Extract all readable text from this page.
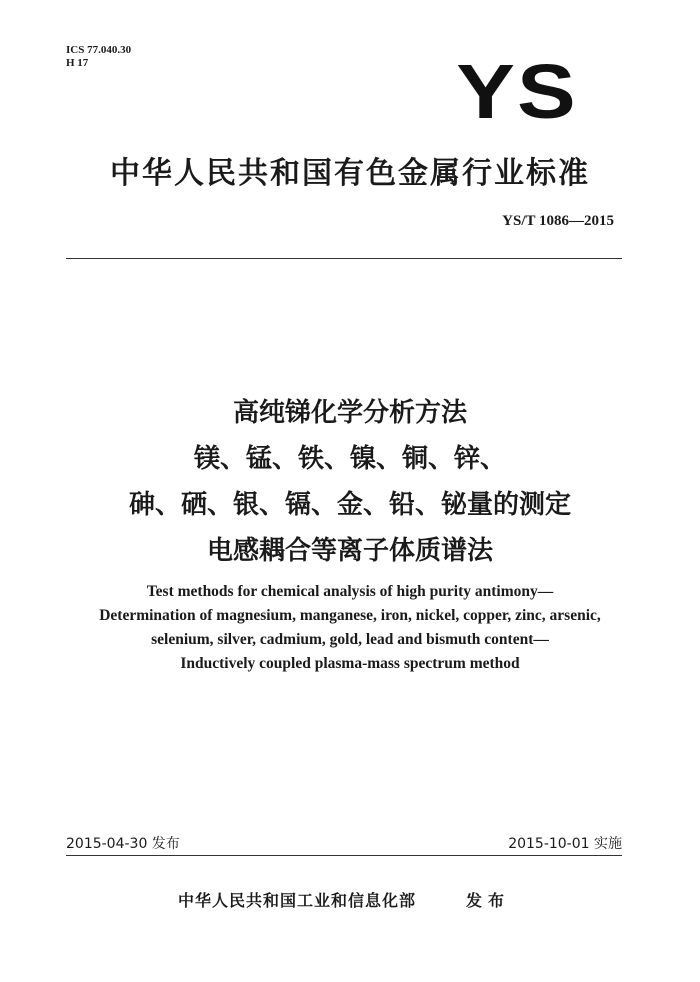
ICS 77.040.30
H 17	YS
中华人民共和国有色金属行业标准
YS/T 1086—2015
高纯锑化学分析方法
镁、锰、铁、镍、铜、锌、
砷、硒、银、镉、金、铅、铋量的测定
电感耦合等离子体质谱法
Test methods for chemical analysis of high purity antimony—
Determination of magnesium, manganese, iron, nickel, copper, zinc, arsenic,
selenium, silver, cadmium, gold, lead and bismuth content—
Inductively coupled plasma-mass spectrum method
2015-04-30 发布	2015-10-01 实施
中华人民共和国工业和信息化部	发布
